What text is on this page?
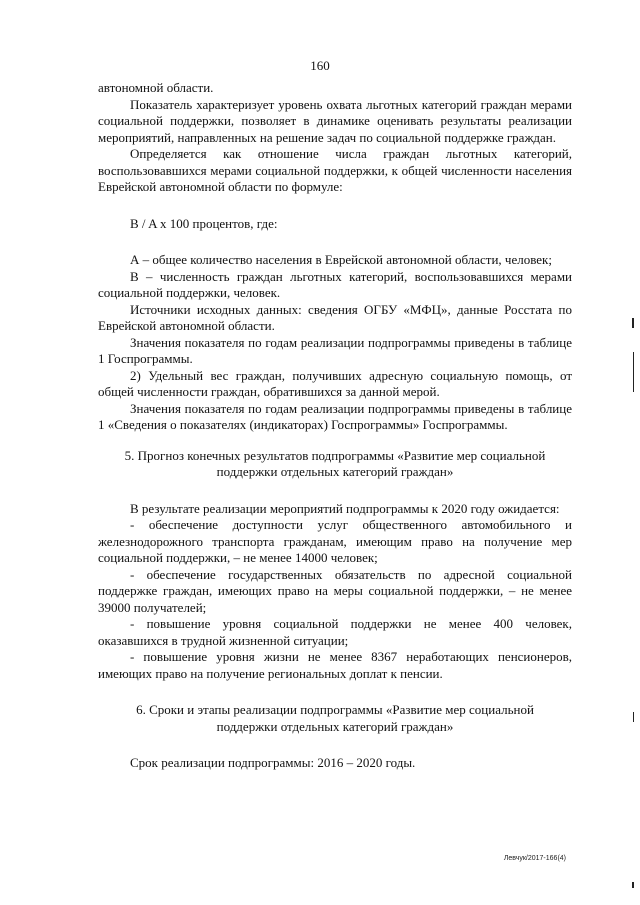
160

автономной области.

Показатель характеризует уровень охвата льготных категорий граждан мерами социальной поддержки, позволяет в динамике оценивать результаты реализации мероприятий, направленных на решение задач по социальной поддержке граждан.

Определяется как отношение числа граждан льготных категорий, воспользовавшихся мерами социальной поддержки, к общей численности населения Еврейской автономной области по формуле:

B / A x 100 процентов, где:

А – общее количество населения в Еврейской автономной области, человек;

В – численность граждан льготных категорий, воспользовавшихся мерами социальной поддержки, человек.

Источники исходных данных: сведения ОГБУ «МФЦ», данные Росстата по Еврейской автономной области.

Значения показателя по годам реализации подпрограммы приведены в таблице 1 Госпрограммы.

2) Удельный вес граждан, получивших адресную социальную помощь, от общей численности граждан, обратившихся за данной мерой.

Значения показателя по годам реализации подпрограммы приведены в таблице 1 «Сведения о показателях (индикаторах) Госпрограммы» Госпрограммы.

5. Прогноз конечных результатов подпрограммы «Развитие мер социальной поддержки отдельных категорий граждан»

В результате реализации мероприятий подпрограммы к 2020 году ожидается:

- обеспечение доступности услуг общественного автомобильного и железнодорожного транспорта гражданам, имеющим право на получение мер социальной поддержки, – не менее 14000 человек;

- обеспечение государственных обязательств по адресной социальной поддержке граждан, имеющих право на меры социальной поддержки, – не менее 39000 получателей;

- повышение уровня социальной поддержки не менее 400 человек, оказавшихся в трудной жизненной ситуации;

- повышение уровня жизни не менее 8367 неработающих пенсионеров, имеющих право на получение региональных доплат к пенсии.

6. Сроки и этапы реализации подпрограммы «Развитие мер социальной поддержки отдельных категорий граждан»

Срок реализации подпрограммы: 2016 – 2020 годы.

Левчук/2017-166(4)
